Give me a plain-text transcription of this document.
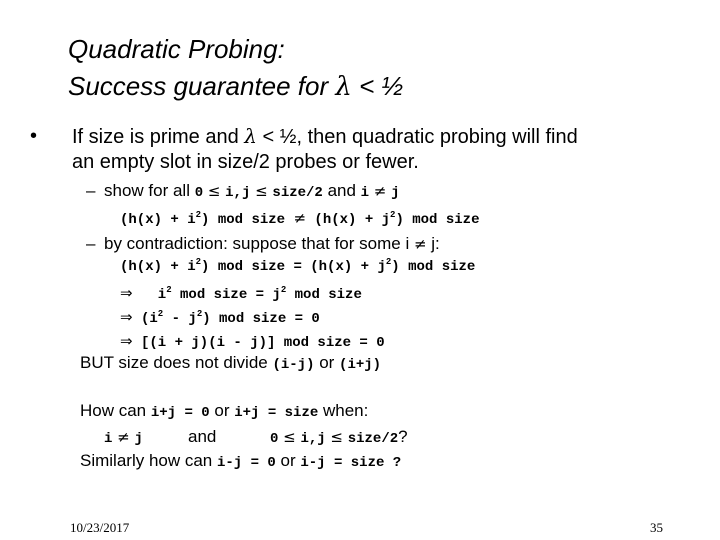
Quadratic Probing:
Success guarantee for λ < ½
• If size is prime and λ < ½, then quadratic probing will find
an empty slot in size/2 probes or fewer.
– show for all 0 ≤ i,j ≤ size/2 and i ≠ j
$(h(x) + i^2)$ mod size ≠ $(h(x) + j^2)$ mod size
– by contradiction: suppose that for some i ≠ j:
$(h(x) + i^2)$ mod size = $(h(x) + j^2)$ mod size
⇒ $i^2$ mod size = $j^2$ mod size
⇒ $(i^2 - j^2)$ mod size = 0
⇒ [(i + j)(i - j)] mod size = 0
BUT size does not divide (i-j) or (i+j)
How can i+j = 0 or i+j = size when:
i ≠ j	and	0 ≤ i,j ≤ size/2?
Similarly how can i-j = 0 or i-j = size ?
10/23/2017	35
